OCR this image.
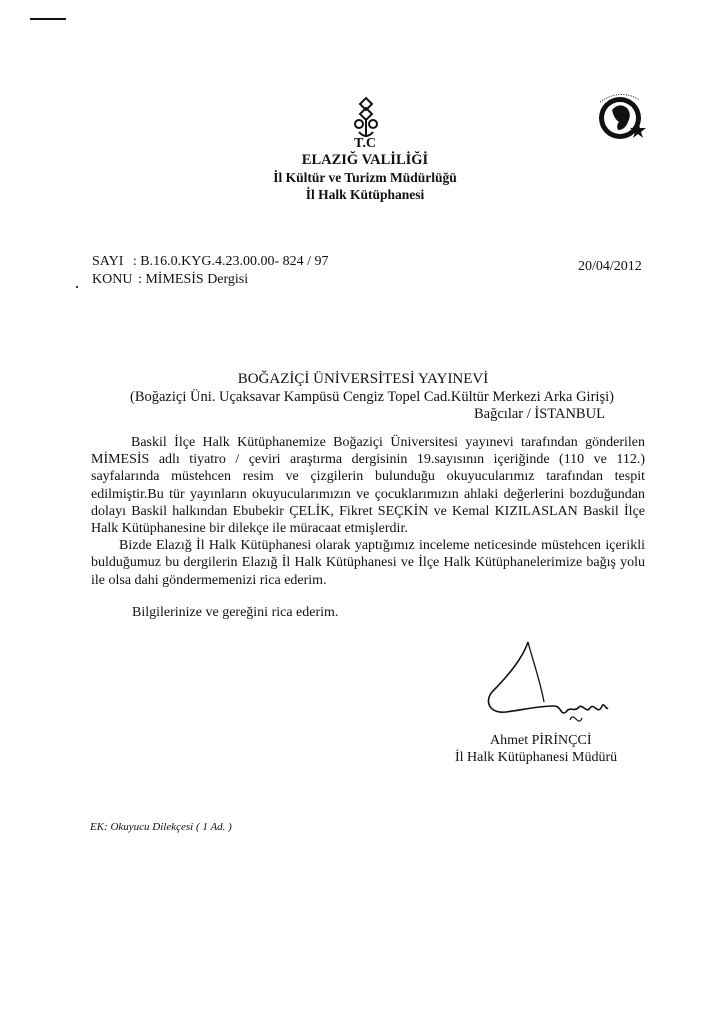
T.C
ELAZIĞ VALİLİĞİ
İl Kültür ve Turizm Müdürlüğü
İl Halk Kütüphanesi
SAYI : B.16.0.KYG.4.23.00.00- 824 / 97
KONU : MİMESİS Dergisi
20/04/2012
BOĞAZİÇİ ÜNİVERSİTESİ YAYINEVİ
(Boğaziçi Üni. Uçaksavar Kampüsü Cengiz Topel Cad.Kültür Merkezi Arka Girişi)
Bağcılar / İSTANBUL

Baskil İlçe Halk Kütüphanemize Boğaziçi Üniversitesi yayınevi tarafından gönderilen MİMESİS adlı tiyatro / çeviri araştırma dergisinin 19.sayısının içeriğinde (110 ve 112.) sayfalarında müstehcen resim ve çizgilerin bulunduğu okuyucularımız tarafından tespit edilmiştir.Bu tür yayınların okuyucularımızın ve çocuklarımızın ahlaki değerlerini bozduğundan dolayı Baskil halkından Ebubekir ÇELİK, Fikret SEÇKİN ve Kemal KIZILASLAN Baskil İlçe Halk Kütüphanesine bir dilekçe ile müracaat etmişlerdir.

Bizde Elazığ İl Halk Kütüphanesi olarak yaptığımız inceleme neticesinde müstehcen içerikli bulduğumuz bu dergilerin Elazığ İl Halk Kütüphanesi ve İlçe Halk Kütüphanelerimize bağış yolu ile olsa dahi göndermemenizi rica ederim.

Bilgilerinize ve gereğini rica ederim.
Ahmet PİRİNÇCİ
İl Halk Kütüphanesi Müdürü
EK: Okuyucu Dilekçesi ( 1 Ad. )
